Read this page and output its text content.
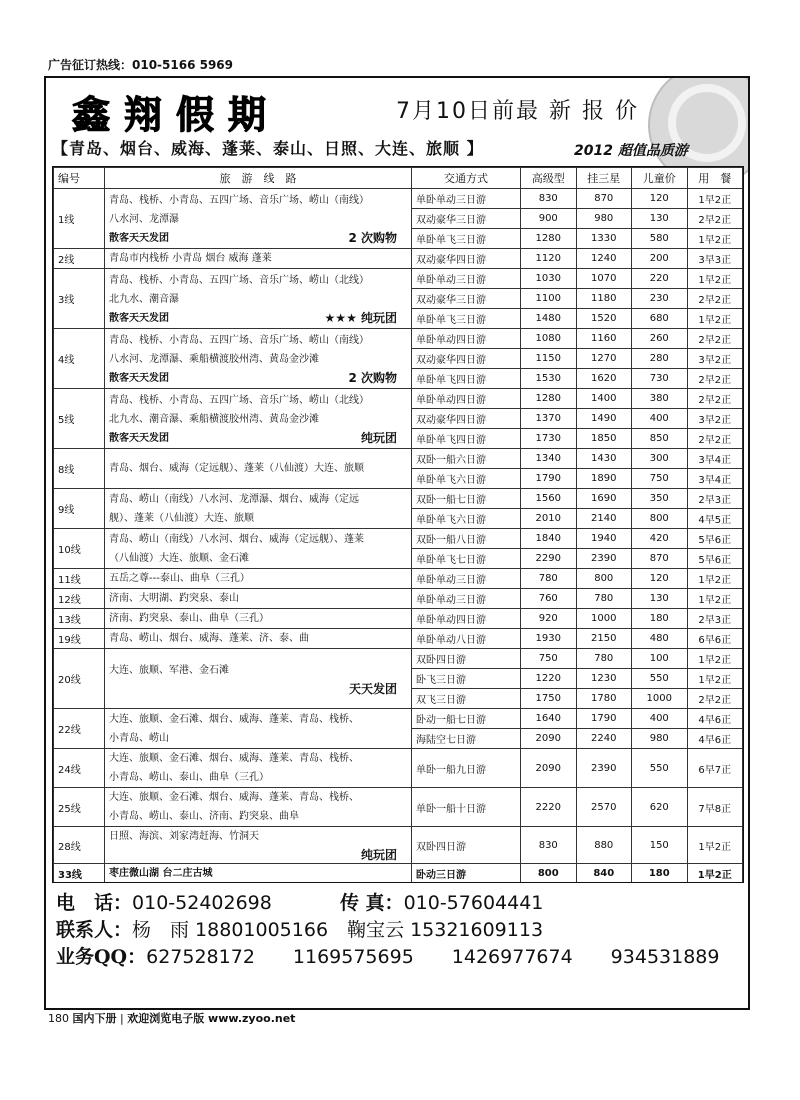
广告征订热线：010-5166 5969
鑫翔假期	7月10日前最 新 报 价
【青岛、烟台、威海、蓬莱、泰山、日照、大连、旅顺 】	2012 超值品质游
编号	旅　游　线　路	交通方式	高级型	挂三星	儿童价	用　餐
1线	青岛、栈桥、小青岛、五四广场、音乐广场、崂山（南线）
八水河、龙潭瀑
散客天天发团 2 次购物	单卧单动三日游	830	870	120	1早2正
		双动豪华三日游	900	980	130	2早2正
		单卧单飞三日游	1280	1330	580	1早2正
2线	青岛市内栈桥 小青岛 烟台 威海 蓬莱	双动豪华四日游	1120	1240	200	3早3正
3线	青岛、栈桥、小青岛、五四广场、音乐广场、崂山（北线）
北九水、潮音瀑
散客天天发团 ★★★ 纯玩团	单卧单动三日游	1030	1070	220	1早2正
		双动豪华三日游	1100	1180	230	2早2正
		单卧单飞三日游	1480	1520	680	1早2正
4线	青岛、栈桥、小青岛、五四广场、音乐广场、崂山（南线）
八水河、龙潭瀑、乘船横渡胶州湾、黄岛金沙滩
散客天天发团 2 次购物	单卧单动四日游	1080	1160	260	2早2正
		双动豪华四日游	1150	1270	280	3早2正
		单卧单飞四日游	1530	1620	730	2早2正
5线	青岛、栈桥、小青岛、五四广场、音乐广场、崂山（北线）
北九水、潮音瀑、乘船横渡胶州湾、黄岛金沙滩
散客天天发团 纯玩团	单卧单动四日游	1280	1400	380	2早2正
		双动豪华四日游	1370	1490	400	3早2正
		单卧单飞四日游	1730	1850	850	2早2正
8线	青岛、烟台、威海（定远舰）、蓬莱（八仙渡）大连、旅顺	双卧一船六日游	1340	1430	300	3早4正
		单卧单飞六日游	1790	1890	750	3早4正
9线	青岛、崂山（南线）八水河、龙潭瀑、烟台、威海（定远
舰）、蓬莱（八仙渡）大连、旅顺	双卧一船七日游	1560	1690	350	2早3正
		单卧单飞六日游	2010	2140	800	4早5正
10线	青岛、崂山（南线）八水河、烟台、威海（定远舰）、蓬莱
（八仙渡）大连、旅顺、金石滩	双卧一船八日游	1840	1940	420	5早6正
		单卧单飞七日游	2290	2390	870	5早6正
11线	五岳之尊---泰山、曲阜（三孔）	单卧单动三日游	780	800	120	1早2正
12线	济南、大明湖、趵突泉、泰山	单卧单动三日游	760	780	130	1早2正
13线	济南、趵突泉、泰山、曲阜（三孔）	单卧单动四日游	920	1000	180	2早3正
19线	青岛、崂山、烟台、威海、蓬莱、济、泰、曲	单卧单动八日游	1930	2150	480	6早6正
20线	大连、旅顺、军港、金石滩
天天发团	双卧四日游	750	780	100	1早2正
		卧飞三日游	1220	1230	550	1早2正
		双飞三日游	1750	1780	1000	2早2正
22线	大连、旅顺、金石滩、烟台、威海、蓬莱、青岛、栈桥、
小青岛、崂山	卧动一船七日游	1640	1790	400	4早6正
		海陆空七日游	2090	2240	980	4早6正
24线	大连、旅顺、金石滩、烟台、威海、蓬莱、青岛、栈桥、
小青岛、崂山、泰山、曲阜（三孔）	单卧一船九日游	2090	2390	550	6早7正
25线	大连、旅顺、金石滩、烟台、威海、蓬莱、青岛、栈桥、
小青岛、崂山、泰山、济南、趵突泉、曲阜	单卧一船十日游	2220	2570	620	7早8正
28线	日照、海滨、刘家湾赶海、竹洞天
纯玩团	双卧四日游	830	880	150	1早2正
33线	枣庄微山湖 台二庄古城	卧动三日游	800	840	180	1早2正

电　话：010-52402698	传 真：010-57604441
联系人：杨　雨 18801005166　鞠宝云 15321609113
业务QQ：627528172　　1169575695　　1426977674　　934531889
180 国内下册 | 欢迎浏览电子版 www.zyoo.net
